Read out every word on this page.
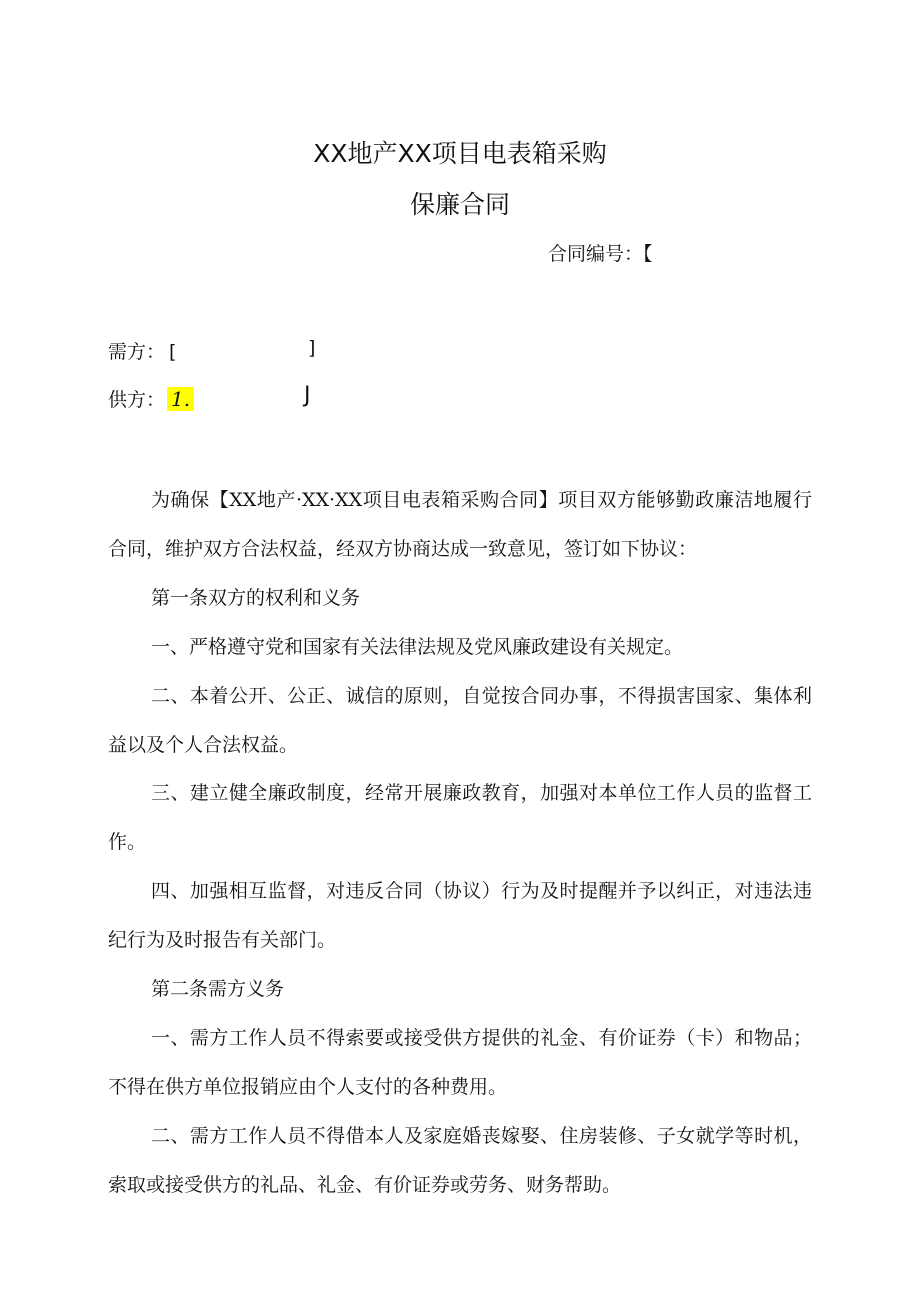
XX地产XX项目电表箱采购
保廉合同
合同编号：【
需方： [	]
供方： 1.	J

为确保【XX地产·XX·XX项目电表箱采购合同】项目双方能够勤政廉洁地履行合同，维护双方合法权益，经双方协商达成一致意见，签订如下协议：

第一条双方的权利和义务

一、严格遵守党和国家有关法律法规及党风廉政建设有关规定。

二、本着公开、公正、诚信的原则，自觉按合同办事，不得损害国家、集体利益以及个人合法权益。

三、建立健全廉政制度，经常开展廉政教育，加强对本单位工作人员的监督工作。

四、加强相互监督，对违反合同（协议）行为及时提醒并予以纠正，对违法违纪行为及时报告有关部门。

第二条需方义务

一、需方工作人员不得索要或接受供方提供的礼金、有价证券（卡）和物品；不得在供方单位报销应由个人支付的各种费用。

二、需方工作人员不得借本人及家庭婚丧嫁娶、住房装修、子女就学等时机，索取或接受供方的礼品、礼金、有价证券或劳务、财务帮助。
